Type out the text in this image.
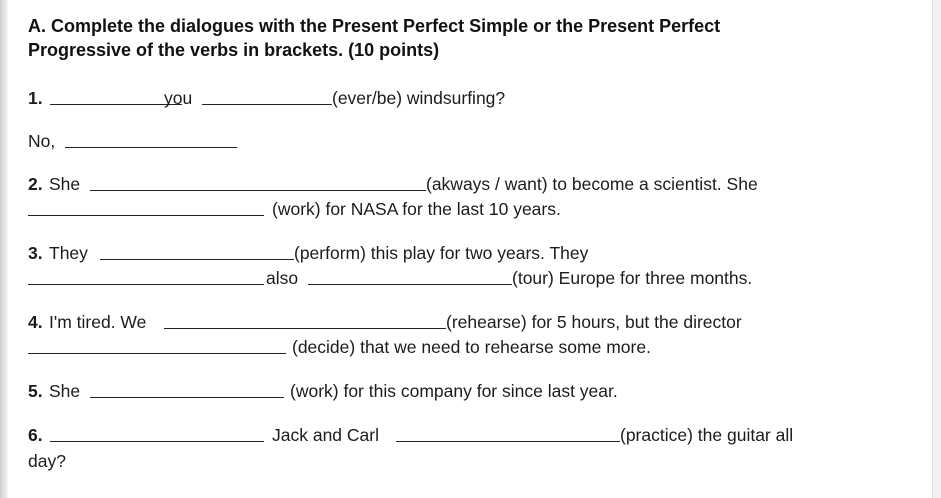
A. Complete the dialogues with the Present Perfect Simple or the Present Perfect
Progressive of the verbs in brackets. (10 points)
1.	you	(ever/be) windsurfing?
No,
2. She	(akways / want) to become a scientist. She
(work) for NASA for the last 10 years.
3. They	(perform) this play for two years. They
also	(tour) Europe for three months.
4. I'm tired. We	(rehearse) for 5 hours, but the director
(decide) that we need to rehearse some more.
5. She	(work) for this company for since last year.
6.	Jack and Carl	(practice) the guitar all
day?
